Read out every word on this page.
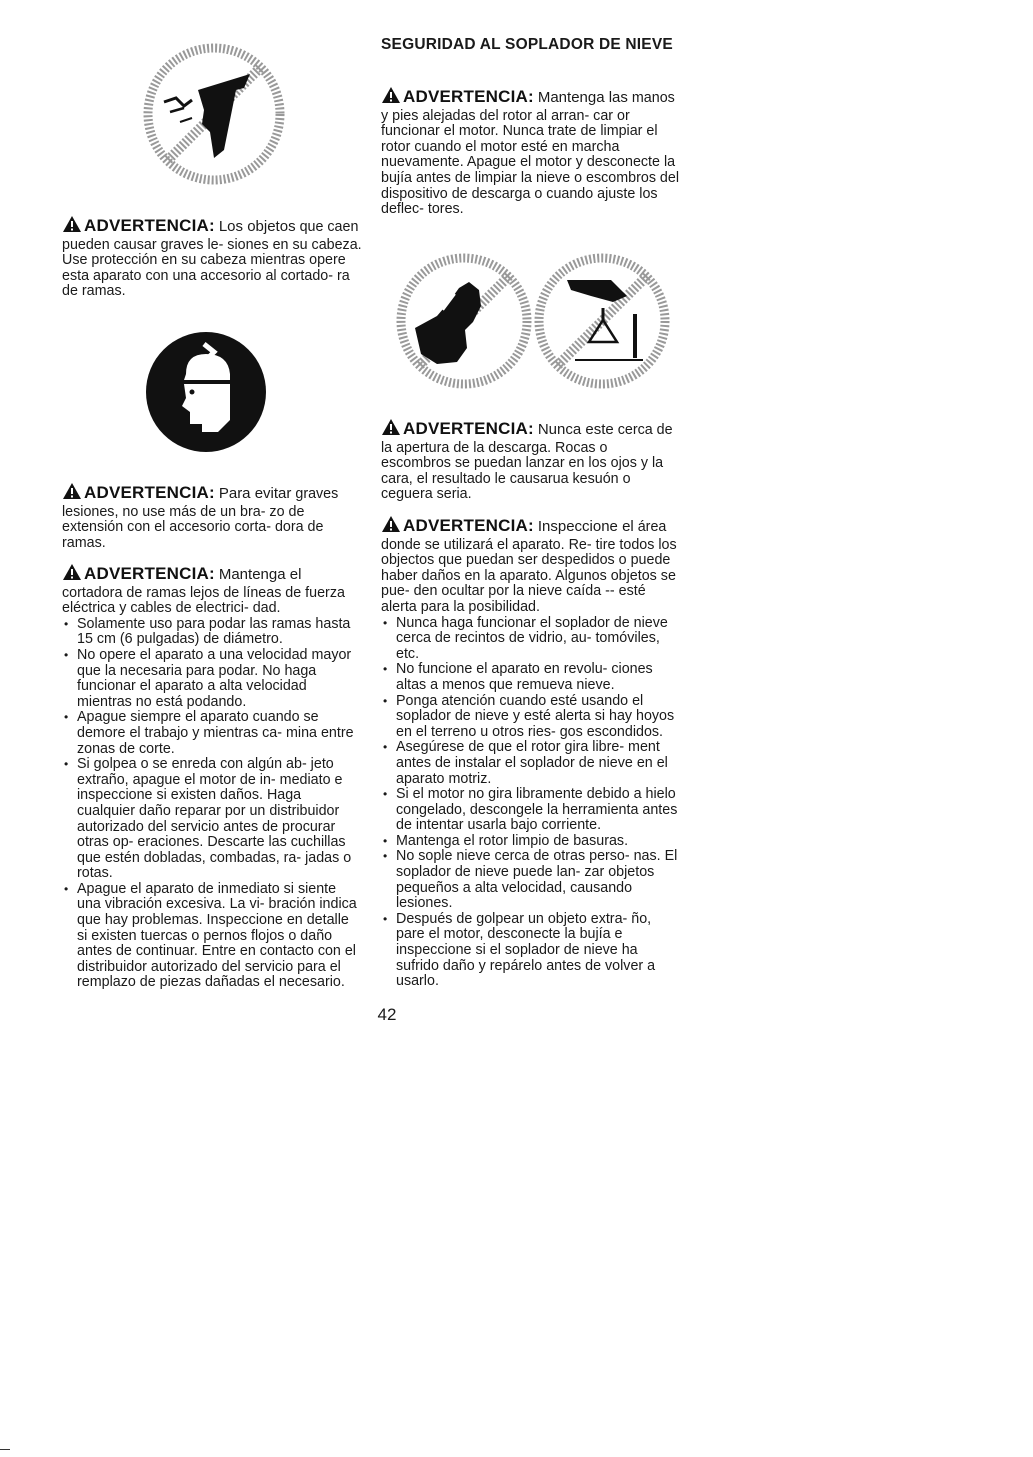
ADVERTENCIA: Los objetos que caen pueden causar graves le- siones en su cabeza. Use protección en su cabeza mientras opere esta aparato con una accesorio al cortado- ra de ramas.

ADVERTENCIA: Para evitar graves lesiones, no use más de un bra- zo de extensión con el accesorio corta- dora de ramas.

ADVERTENCIA: Mantenga el cortadora de ramas lejos de líneas de fuerza eléctrica y cables de electrici- dad.

• Solamente uso para podar las ramas hasta 15 cm (6 pulgadas) de diámetro.
• No opere el aparato a una velocidad mayor que la necesaria para podar. No haga funcionar el aparato a alta velocidad mientras no está podando.
• Apague siempre el aparato cuando se demore el trabajo y mientras ca- mina entre zonas de corte.
• Si golpea o se enreda con algún ab- jeto extraño, apague el motor de in- mediato e inspeccione si existen daños. Haga cualquier daño reparar por un distribuidor autorizado del servicio antes de procurar otras op- eraciones. Descarte las cuchillas que estén dobladas, combadas, ra- jadas o rotas.
• Apague el aparato de inmediato si siente una vibración excesiva. La vi- bración indica que hay problemas. Inspeccione en detalle si existen tuercas o pernos flojos o daño antes de continuar. Entre en contacto con el distribuidor autorizado del servicio para el remplazo de piezas dañadas el necesario.
SEGURIDAD AL SOPLADOR DE NIEVE

ADVERTENCIA: Mantenga las manos y pies alejadas del rotor al arran- car or funcionar el motor. Nunca trate de limpiar el rotor cuando el motor esté en marcha nuevamente. Apague el motor y desconecte la bujía antes de limpiar la nieve o escombros del dispositivo de descarga o cuando ajuste los deflec- tores.

ADVERTENCIA: Nunca este cerca de la apertura de la descarga. Rocas o escombros se puedan lanzar en los ojos y la cara, el resultado le causarua kesuón o ceguera seria.

ADVERTENCIA: Inspeccione el área donde se utilizará el aparato. Re- tire todos los objectos que puedan ser despedidos o puede haber daños en la aparato. Algunos objetos se pue- den ocultar por la nieve caída -- esté alerta para la posibilidad.

• Nunca haga funcionar el soplador de nieve cerca de recintos de vidrio, au- tomóviles, etc.
• No funcione el aparato en revolu- ciones altas a menos que remueva nieve.
• Ponga atención cuando esté usando el soplador de nieve y esté alerta si hay hoyos en el terreno u otros ries- gos escondidos.
• Asegúrese de que el rotor gira libre- ment antes de instalar el soplador de nieve en el aparato motriz.
• Si el motor no gira libramente debido a hielo congelado, descongele la herramienta antes de intentar usarla bajo corriente.
• Mantenga el rotor limpio de basuras.
• No sople nieve cerca de otras perso- nas. El soplador de nieve puede lan- zar objetos pequeños a alta velocidad, causando lesiones.
• Después de golpear un objeto extra- ño, pare el motor, desconecte la bujía e inspeccione si el soplador de nieve ha sufrido daño y repárelo antes de volver a usarlo.
42
